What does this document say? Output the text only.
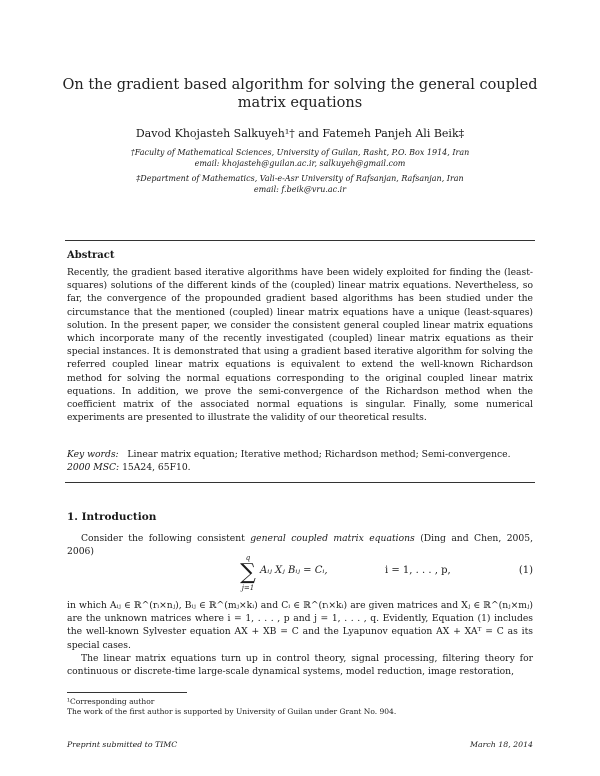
On the gradient based algorithm for solving the general coupled matrix equations
Davod Khojasteh Salkuyeh¹† and Fatemeh Panjeh Ali Beik‡
†Faculty of Mathematical Sciences, University of Guilan, Rasht, P.O. Box 1914, Iran
email: khojasteh@guilan.ac.ir, salkuyeh@gmail.com
‡Department of Mathematics, Vali-e-Asr University of Rafsanjan, Rafsanjan, Iran
email: f.beik@vru.ac.ir
Abstract
Recently, the gradient based iterative algorithms have been widely exploited for finding the (least-squares) solutions of the different kinds of the (coupled) linear matrix equations. Nevertheless, so far, the convergence of the propounded gradient based algorithms has been studied under the circumstance that the mentioned (coupled) linear matrix equations have a unique (least-squares) solution. In the present paper, we consider the consistent general coupled linear matrix equations which incorporate many of the recently investigated (coupled) linear matrix equations as their special instances. It is demonstrated that using a gradient based iterative algorithm for solving the referred coupled linear matrix equations is equivalent to extend the well-known Richardson method for solving the normal equations corresponding to the original coupled linear matrix equations. In addition, we prove the semi-convergence of the Richardson method when the coefficient matrix of the associated normal equations is singular. Finally, some numerical experiments are presented to illustrate the validity of our theoretical results.
Key words: Linear matrix equation; Iterative method; Richardson method; Semi-convergence.
2000 MSC: 15A24, 65F10.
1. Introduction
Consider the following consistent general coupled matrix equations (Ding and Chen, 2005, 2006)
q
∑
j=1
Aᵢⱼ Xⱼ Bᵢⱼ = Cᵢ,	i = 1, . . . , p,	(1)
in which Aᵢⱼ ∈ ℝ^(rᵢ×nⱼ), Bᵢⱼ ∈ ℝ^(mⱼ×kᵢ) and Cᵢ ∈ ℝ^(rᵢ×kᵢ) are given matrices and Xⱼ ∈ ℝ^(nⱼ×mⱼ) are the unknown matrices where i = 1, . . . , p and j = 1, . . . , q. Evidently, Equation (1) includes the well-known Sylvester equation AX + XB = C and the Lyapunov equation AX + XAᵀ = C as its special cases.
The linear matrix equations turn up in control theory, signal processing, filtering theory for continuous or discrete-time large-scale dynamical systems, model reduction, image restoration,
¹Corresponding author
The work of the first author is supported by University of Guilan under Grant No. 904.
Preprint submitted to TIMC	March 18, 2014
